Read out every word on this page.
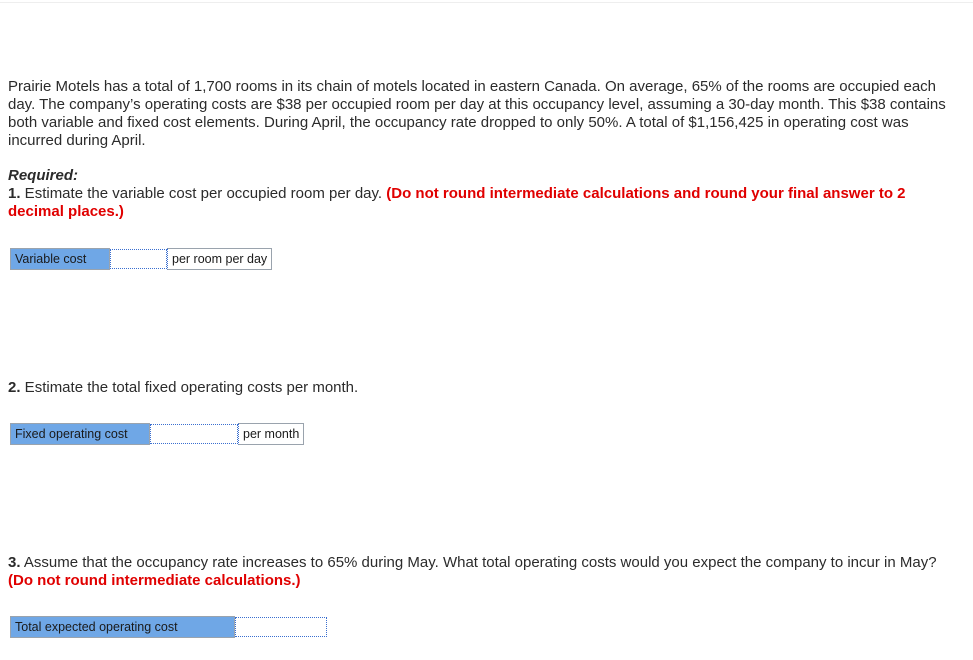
Prairie Motels has a total of 1,700 rooms in its chain of motels located in eastern Canada. On average, 65% of the rooms are occupied each day. The company’s operating costs are $38 per occupied room per day at this occupancy level, assuming a 30-day month. This $38 contains both variable and fixed cost elements. During April, the occupancy rate dropped to only 50%. A total of $1,156,425 in operating cost was incurred during April.

Required:
1. Estimate the variable cost per occupied room per day. (Do not round intermediate calculations and round your final answer to 2 decimal places.)
Variable cost	per room per day
2. Estimate the total fixed operating costs per month.
Fixed operating cost	per month
3. Assume that the occupancy rate increases to 65% during May. What total operating costs would you expect the company to incur in May? (Do not round intermediate calculations.)
Total expected operating cost
